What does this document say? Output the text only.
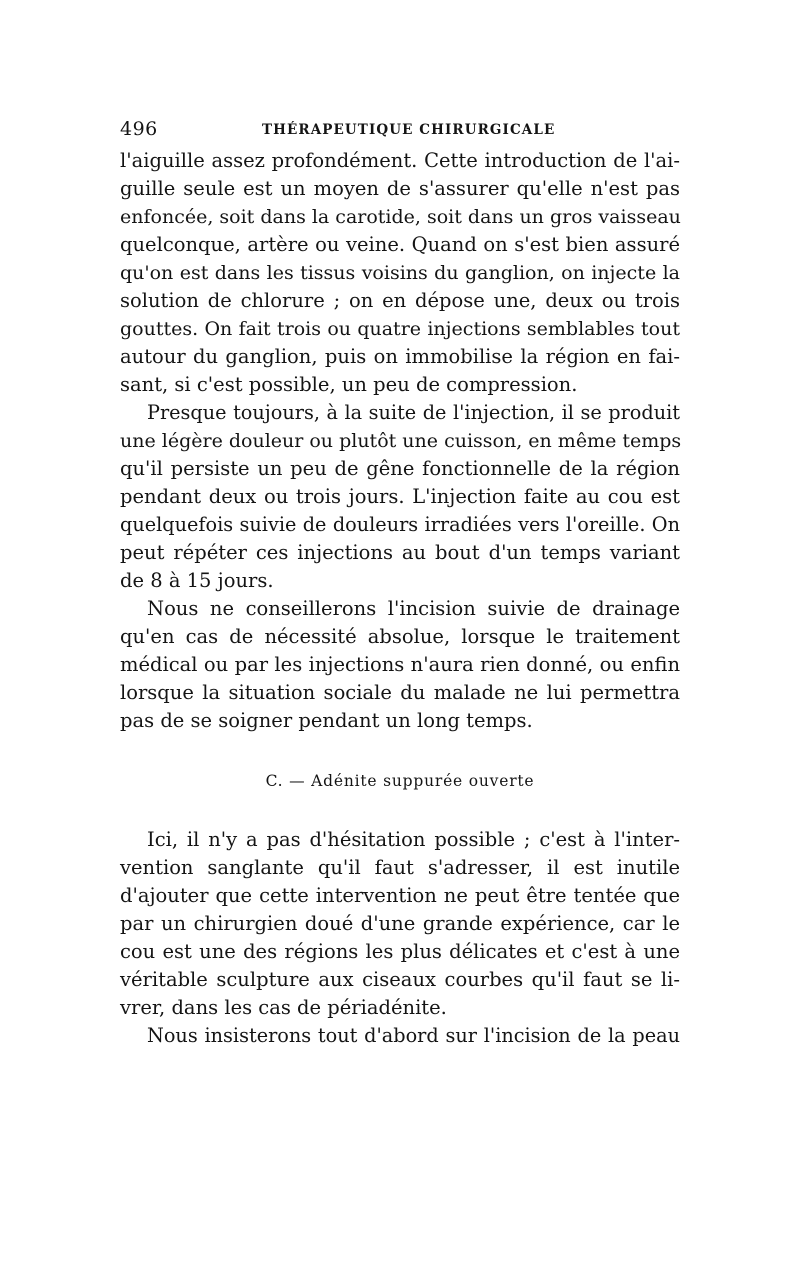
496	THÉRAPEUTIQUE CHIRURGICALE
l'aiguille assez profondément. Cette introduction de l'ai-
guille seule est un moyen de s'assurer qu'elle n'est pas
enfoncée, soit dans la carotide, soit dans un gros vaisseau
quelconque, artère ou veine. Quand on s'est bien assuré
qu'on est dans les tissus voisins du ganglion, on injecte la
solution de chlorure ; on en dépose une, deux ou trois
gouttes. On fait trois ou quatre injections semblables tout
autour du ganglion, puis on immobilise la région en fai-
sant, si c'est possible, un peu de compression.
Presque toujours, à la suite de l'injection, il se produit
une légère douleur ou plutôt une cuisson, en même temps
qu'il persiste un peu de gêne fonctionnelle de la région
pendant deux ou trois jours. L'injection faite au cou est
quelquefois suivie de douleurs irradiées vers l'oreille. On
peut répéter ces injections au bout d'un temps variant
de 8 à 15 jours.
Nous ne conseillerons l'incision suivie de drainage
qu'en cas de nécessité absolue, lorsque le traitement
médical ou par les injections n'aura rien donné, ou enfin
lorsque la situation sociale du malade ne lui permettra
pas de se soigner pendant un long temps.
C. — Adénite suppurée ouverte
Ici, il n'y a pas d'hésitation possible ; c'est à l'inter-
vention sanglante qu'il faut s'adresser, il est inutile
d'ajouter que cette intervention ne peut être tentée que
par un chirurgien doué d'une grande expérience, car le
cou est une des régions les plus délicates et c'est à une
véritable sculpture aux ciseaux courbes qu'il faut se li-
vrer, dans les cas de périadénite.
Nous insisterons tout d'abord sur l'incision de la peau
